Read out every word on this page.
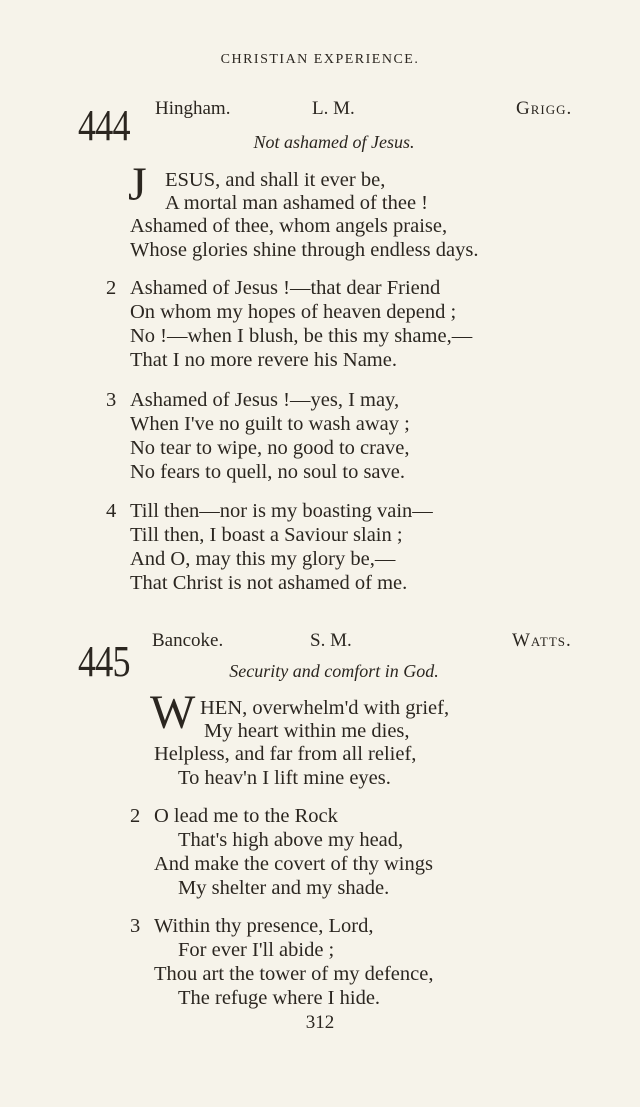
CHRISTIAN EXPERIENCE.
444 Hingham.	L. M.	Grigg.
Not ashamed of Jesus.
J ESUS, and shall it ever be,
A mortal man ashamed of thee !
Ashamed of thee, whom angels praise,
Whose glories shine through endless days.
2 Ashamed of Jesus !—that dear Friend
On whom my hopes of heaven depend ;
No !—when I blush, be this my shame,—
That I no more revere his Name.
3 Ashamed of Jesus !—yes, I may,
When I've no guilt to wash away ;
No tear to wipe, no good to crave,
No fears to quell, no soul to save.
4 Till then—nor is my boasting vain—
Till then, I boast a Saviour slain ;
And O, may this my glory be,—
That Christ is not ashamed of me.
445 Bancoke.	S. M.	Watts.
Security and comfort in God.
W HEN, overwhelm'd with grief,
My heart within me dies,
Helpless, and far from all relief,
To heav'n I lift mine eyes.
2 O lead me to the Rock
That's high above my head,
And make the covert of thy wings
My shelter and my shade.
3 Within thy presence, Lord,
For ever I'll abide ;
Thou art the tower of my defence,
The refuge where I hide.
312
